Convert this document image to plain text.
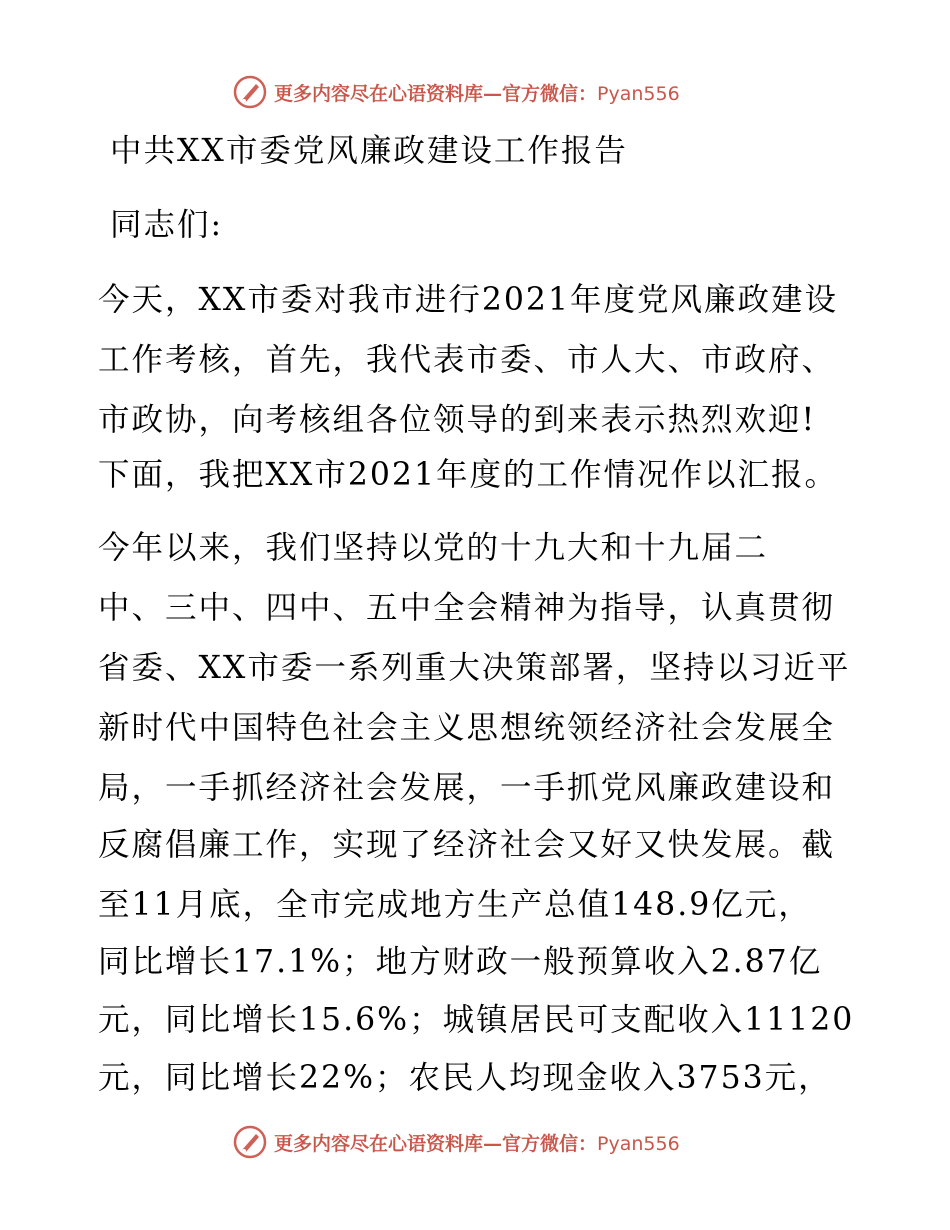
更多内容尽在心语资料库—官方微信：Pyan556
中共XX市委党风廉政建设工作报告
同志们:
今天，XX市委对我市进行2021年度党风廉政建设
工作考核，首先，我代表市委、市人大、市政府、
市政协，向考核组各位领导的到来表示热烈欢迎!
下面，我把XX市2021年度的工作情况作以汇报。
今年以来，我们坚持以党的十九大和十九届二
中、三中、四中、五中全会精神为指导，认真贯彻
省委、XX市委一系列重大决策部署，坚持以习近平
新时代中国特色社会主义思想统领经济社会发展全
局，一手抓经济社会发展，一手抓党风廉政建设和
反腐倡廉工作，实现了经济社会又好又快发展。截
至11月底，全市完成地方生产总值148.9亿元，
同比增长17.1%；地方财政一般预算收入2.87亿
元，同比增长15.6%；城镇居民可支配收入11120
元，同比增长22%；农民人均现金收入3753元，
更多内容尽在心语资料库—官方微信：Pyan556
